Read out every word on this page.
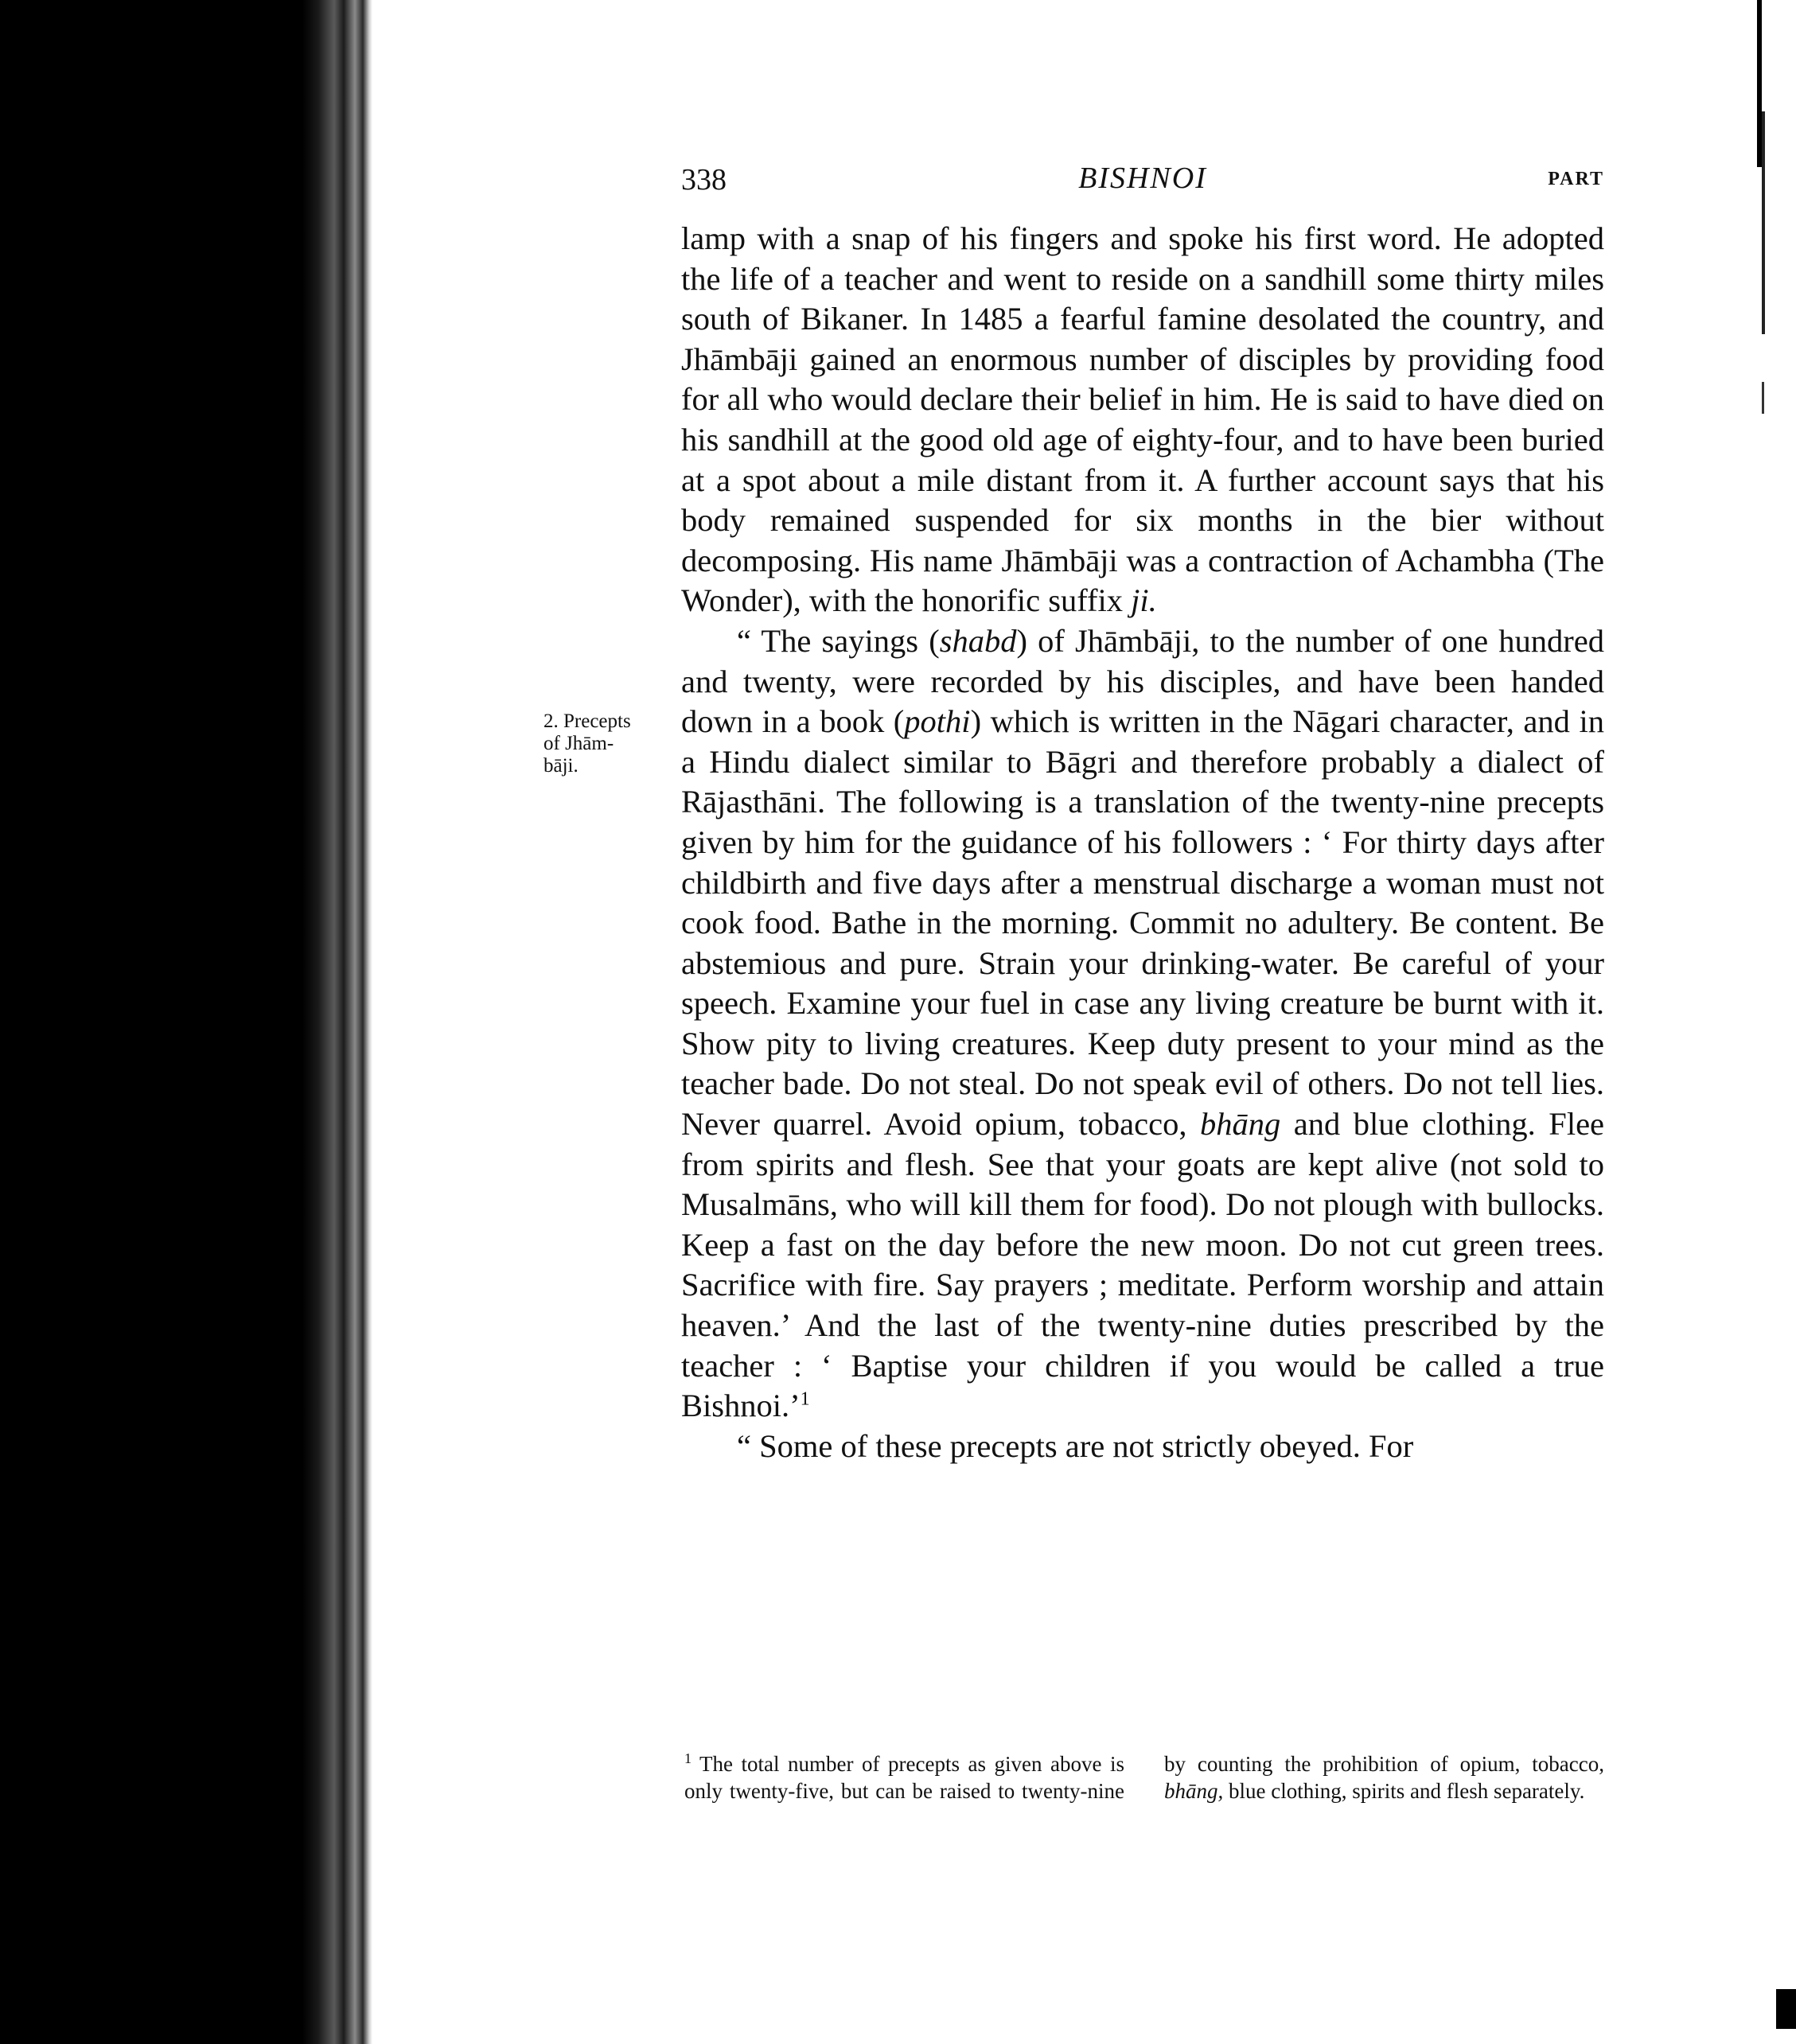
338	BISHNOI	PART
2. Precepts
of Jhām-
bāji.

lamp with a snap of his fingers and spoke his first word. He adopted the life of a teacher and went to reside on a sandhill some thirty miles south of Bikaner. In 1485 a fearful famine desolated the country, and Jhāmbāji gained an enormous number of disciples by providing food for all who would declare their belief in him. He is said to have died on his sandhill at the good old age of eighty-four, and to have been buried at a spot about a mile distant from it. A further account says that his body remained suspended for six months in the bier without decomposing. His name Jhāmbāji was a contraction of Achambha (The Wonder), with the honorific suffix ji.

“ The sayings (shabd) of Jhāmbāji, to the number of one hundred and twenty, were recorded by his disciples, and have been handed down in a book (pothi) which is written in the Nāgari character, and in a Hindu dialect similar to Bāgri and therefore probably a dialect of Rājasthāni. The following is a translation of the twenty-nine precepts given by him for the guidance of his followers : ‘ For thirty days after childbirth and five days after a menstrual discharge a woman must not cook food. Bathe in the morning. Commit no adultery. Be content. Be abstemious and pure. Strain your drinking-water. Be careful of your speech. Examine your fuel in case any living creature be burnt with it. Show pity to living creatures. Keep duty present to your mind as the teacher bade. Do not steal. Do not speak evil of others. Do not tell lies. Never quarrel. Avoid opium, tobacco, bhāng and blue clothing. Flee from spirits and flesh. See that your goats are kept alive (not sold to Musalmāns, who will kill them for food). Do not plough with bullocks. Keep a fast on the day before the new moon. Do not cut green trees. Sacrifice with fire. Say prayers ; meditate. Perform worship and attain heaven.’ And the last of the twenty-nine duties prescribed by the teacher : ‘ Baptise your children if you would be called a true Bishnoi.’$^1$

“ Some of these precepts are not strictly obeyed. For

$^1$ The total number of precepts as given above is only twenty-five, but can be raised to twenty-nine by counting the prohibition of opium, tobacco, bhāng, blue clothing, spirits and flesh separately.
